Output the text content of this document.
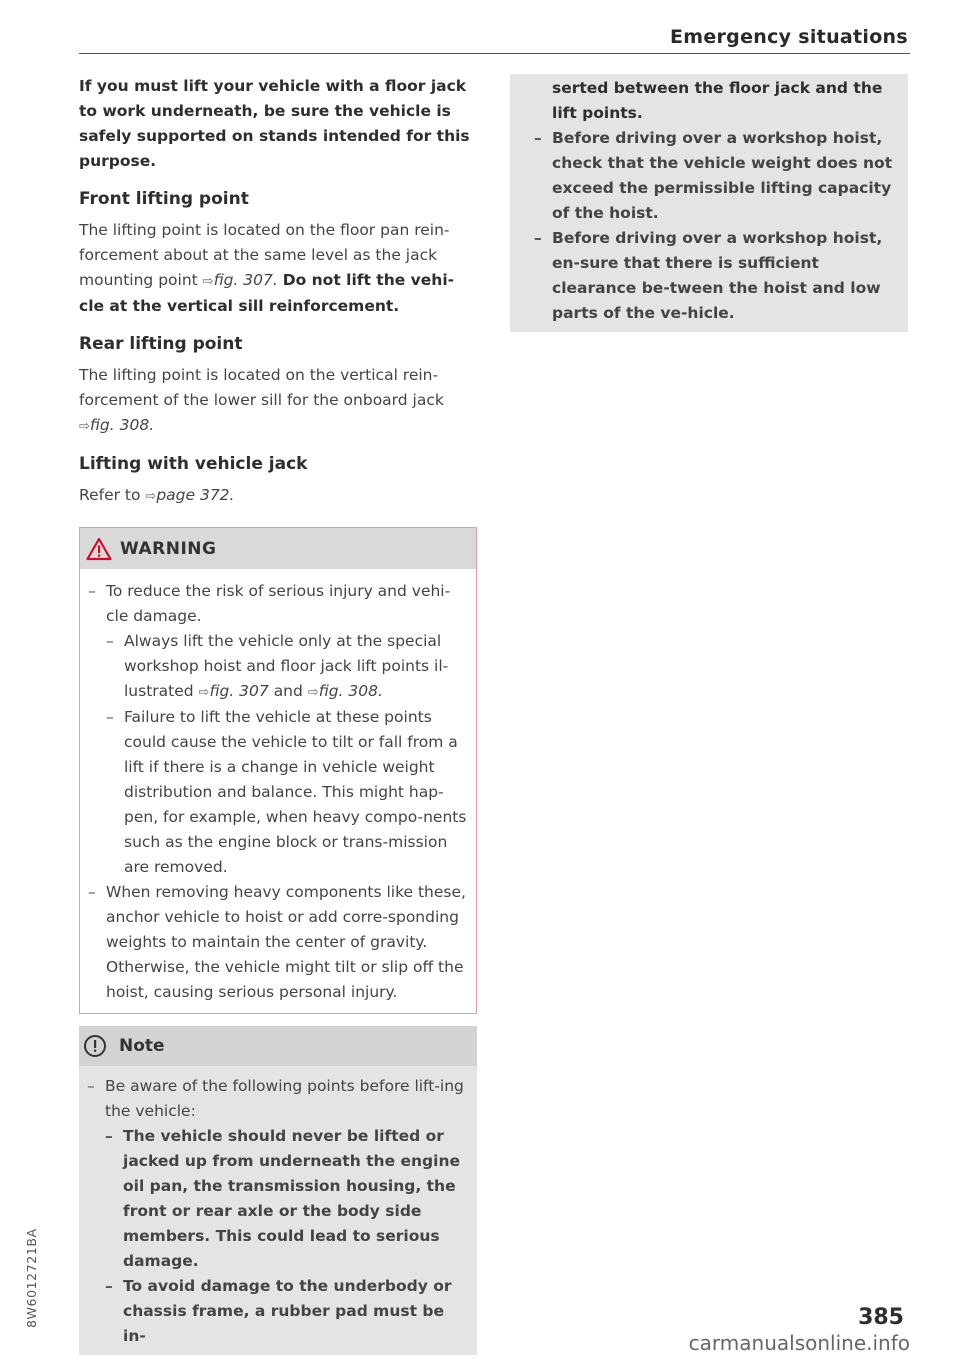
Emergency situations

If you must lift your vehicle with a floor jack to work underneath, be sure the vehicle is safely supported on stands intended for this purpose.

Front lifting point

The lifting point is located on the floor pan rein-forcement about at the same level as the jack mounting point ⇨fig. 307. Do not lift the vehi-cle at the vertical sill reinforcement.

Rear lifting point

The lifting point is located on the vertical rein-forcement of the lower sill for the onboard jack ⇨fig. 308.

Lifting with vehicle jack

Refer to ⇨page 372.

WARNING
– To reduce the risk of serious injury and vehi-cle damage.
– Always lift the vehicle only at the special workshop hoist and floor jack lift points il-lustrated ⇨fig. 307 and ⇨fig. 308.
– Failure to lift the vehicle at these points could cause the vehicle to tilt or fall from a lift if there is a change in vehicle weight distribution and balance. This might hap-pen, for example, when heavy compo-nents such as the engine block or trans-mission are removed.
– When removing heavy components like these, anchor vehicle to hoist or add corre-sponding weights to maintain the center of gravity. Otherwise, the vehicle might tilt or slip off the hoist, causing serious personal injury.
Note
– Be aware of the following points before lift-ing the vehicle:
– The vehicle should never be lifted or jacked up from underneath the engine oil pan, the transmission housing, the front or rear axle or the body side members. This could lead to serious damage.
– To avoid damage to the underbody or chassis frame, a rubber pad must be in-

serted between the floor jack and the lift points.

– Before driving over a workshop hoist, check that the vehicle weight does not exceed the permissible lifting capacity of the hoist.
– Before driving over a workshop hoist, en-sure that there is sufficient clearance be-tween the hoist and low parts of the ve-hicle.
8W6012721BA	385
carmanualsonline.info
